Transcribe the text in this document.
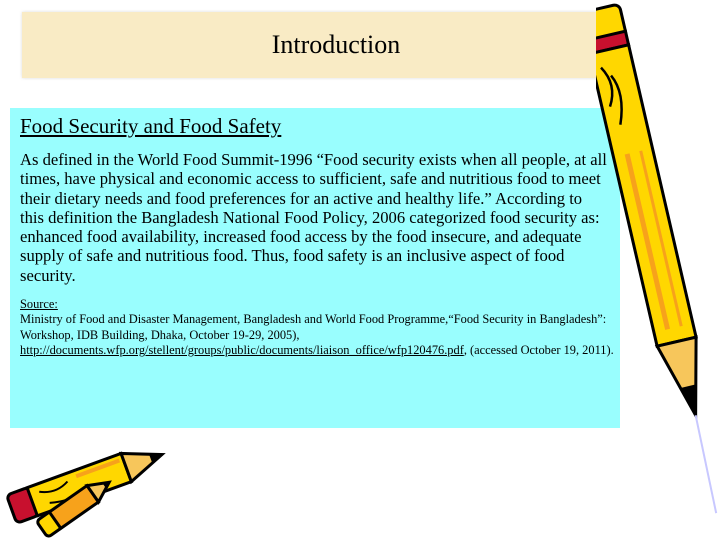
Introduction
Food Security and Food Safety

As defined in the World Food Summit-1996 “Food security exists when all people, at all times, have physical and economic access to sufficient, safe and nutritious food to meet their dietary needs and food preferences for an active and healthy life.” According to this definition the Bangladesh National Food Policy, 2006 categorized food security as: enhanced food availability, increased food access by the food insecure, and adequate supply of safe and nutritious food. Thus, food safety is an inclusive aspect of food security.

Source:
Ministry of Food and Disaster Management, Bangladesh and World Food Programme,“Food Security in Bangladesh”: Workshop, IDB Building, Dhaka, October 19-29, 2005), http://documents.wfp.org/stellent/groups/public/documents/liaison_office/wfp120476.pdf, (accessed October 19, 2011).
